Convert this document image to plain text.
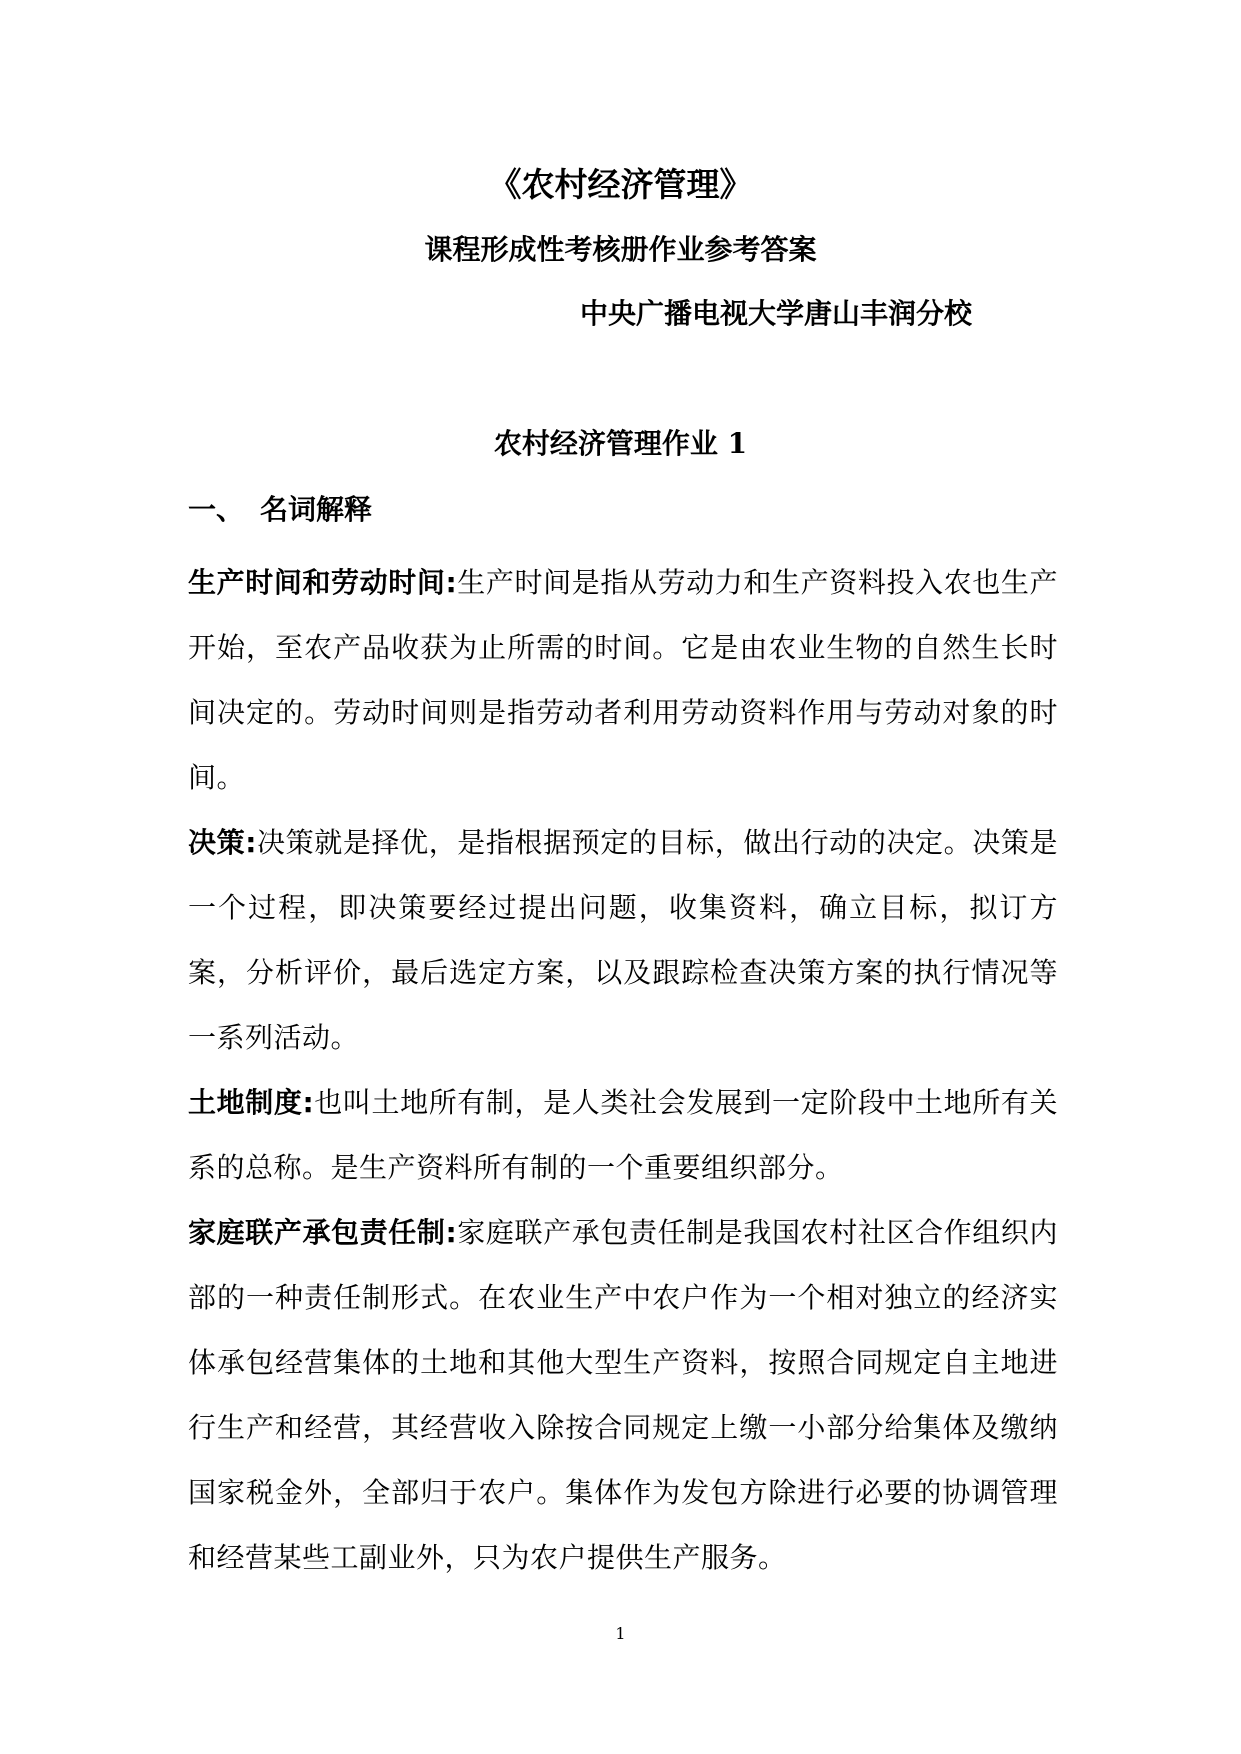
《农村经济管理》
课程形成性考核册作业参考答案
中央广播电视大学唐山丰润分校
农村经济管理作业 1
一、 名词解释

生产时间和劳动时间:生产时间是指从劳动力和生产资料投入农也生产开始，至农产品收获为止所需的时间。它是由农业生物的自然生长时间决定的。劳动时间则是指劳动者利用劳动资料作用与劳动对象的时间。

决策:决策就是择优，是指根据预定的目标，做出行动的决定。决策是一个过程，即决策要经过提出问题，收集资料，确立目标，拟订方案，分析评价，最后选定方案，以及跟踪检查决策方案的执行情况等一系列活动。

土地制度:也叫土地所有制，是人类社会发展到一定阶段中土地所有关系的总称。是生产资料所有制的一个重要组织部分。

家庭联产承包责任制:家庭联产承包责任制是我国农村社区合作组织内部的一种责任制形式。在农业生产中农户作为一个相对独立的经济实体承包经营集体的土地和其他大型生产资料，按照合同规定自主地进行生产和经营，其经营收入除按合同规定上缴一小部分给集体及缴纳国家税金外，全部归于农户。集体作为发包方除进行必要的协调管理和经营某些工副业外，只为农户提供生产服务。

1
